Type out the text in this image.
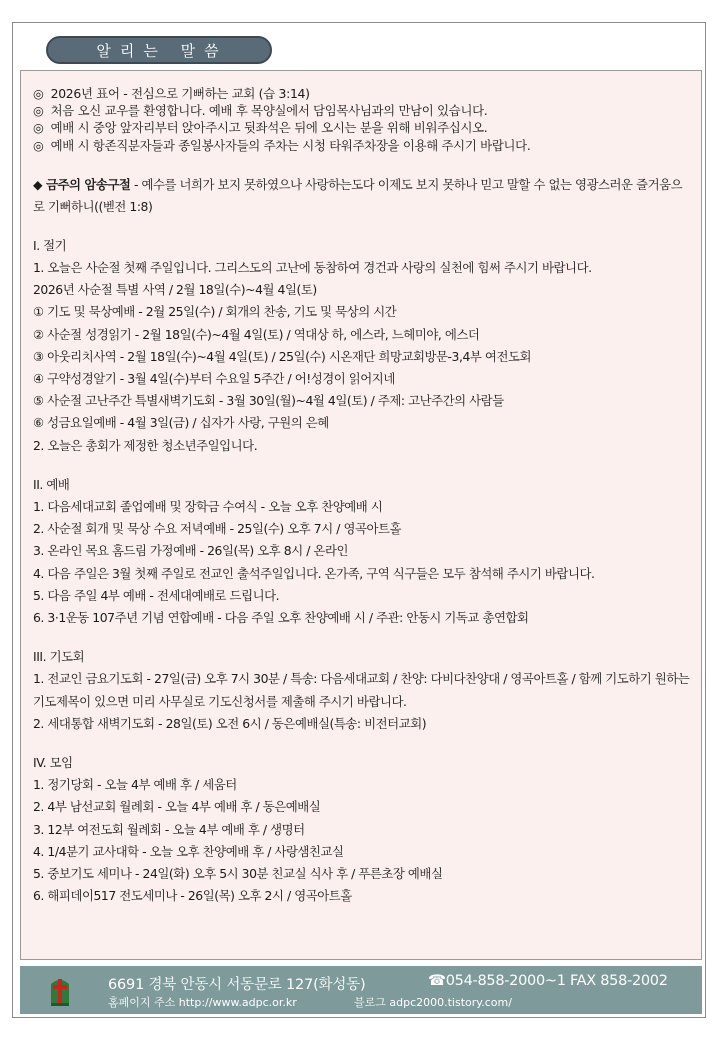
알리는 말씀
◎ 2026년 표어 - 전심으로 기뻐하는 교회 (습 3:14)
◎ 처음 오신 교우를 환영합니다. 예배 후 목양실에서 담임목사님과의 만남이 있습니다.
◎ 예배 시 중앙 앞자리부터 앉아주시고 뒷좌석은 뒤에 오시는 분을 위해 비워주십시오.
◎ 예배 시 항존직분자들과 종일봉사자들의 주차는 시청 타워주차장을 이용해 주시기 바랍니다.
◆ 금주의 암송구절 - 예수를 너희가 보지 못하였으나 사랑하는도다 이제도 보지 못하나 믿고 말할 수 없는 영광스러운 즐거움으로 기뻐하니((벧전 1:8)
I. 절기
1. 오늘은 사순절 첫째 주일입니다. 그리스도의 고난에 동참하여 경건과 사랑의 실천에 힘써 주시기 바랍니다.
2026년 사순절 특별 사역 / 2월 18일(수)~4월 4일(토)
① 기도 및 묵상예배 - 2월 25일(수) / 회개의 찬송, 기도 및 묵상의 시간
② 사순절 성경읽기 - 2월 18일(수)~4월 4일(토) / 역대상 하, 에스라, 느헤미야, 에스더
③ 아웃리치사역 - 2월 18일(수)~4월 4일(토) / 25일(수) 시온재단 희망교회방문-3,4부 여전도회
④ 구약성경알기 - 3월 4일(수)부터 수요일 5주간 / 어!성경이 읽어지네
⑤ 사순절 고난주간 특별새벽기도회 - 3월 30일(월)~4월 4일(토) / 주제: 고난주간의 사람들
⑥ 성금요일예배 - 4월 3일(금) / 십자가 사랑, 구원의 은혜
2. 오늘은 총회가 제정한 청소년주일입니다.
II. 예배
1. 다음세대교회 졸업예배 및 장학금 수여식 - 오늘 오후 찬양예배 시
2. 사순절 회개 및 묵상 수요 저녁예배 - 25일(수) 오후 7시 / 영곡아트홀
3. 온라인 목요 홈드림 가정예배 - 26일(목) 오후 8시 / 온라인
4. 다음 주일은 3월 첫째 주일로 전교인 출석주일입니다. 온가족, 구역 식구들은 모두 참석해 주시기 바랍니다.
5. 다음 주일 4부 예배 - 전세대예배로 드립니다.
6. 3·1운동 107주년 기념 연합예배 - 다음 주일 오후 찬양예배 시 / 주관: 안동시 기독교 총연합회
III. 기도회
1. 전교인 금요기도회 - 27일(금) 오후 7시 30분 / 특송: 다음세대교회 / 찬양: 다비다찬양대 / 영곡아트홀 / 함께 기도하기 원하는 기도제목이 있으면 미리 사무실로 기도신청서를 제출해 주시기 바랍니다.
2. 세대통합 새벽기도회 - 28일(토) 오전 6시 / 동은예배실(특송: 비전터교회)
IV. 모임
1. 정기당회 - 오늘 4부 예배 후 / 세움터
2. 4부 남선교회 월례회 - 오늘 4부 예배 후 / 동은예배실
3. 12부 여전도회 월례회 - 오늘 4부 예배 후 / 생명터
4. 1/4분기 교사대학 - 오늘 오후 찬양예배 후 / 사랑샘친교실
5. 중보기도 세미나 - 24일(화) 오후 5시 30분 친교실 식사 후 / 푸른초장 예배실
6. 해피데이517 전도세미나 - 26일(목) 오후 2시 / 영곡아트홀
6691 경북 안동시 서동문로 127(화성동)	☎054-858-2000~1 FAX 858-2002
홈페이지 주소 http://www.adpc.or.kr	블로그 adpc2000.tistory.com/
